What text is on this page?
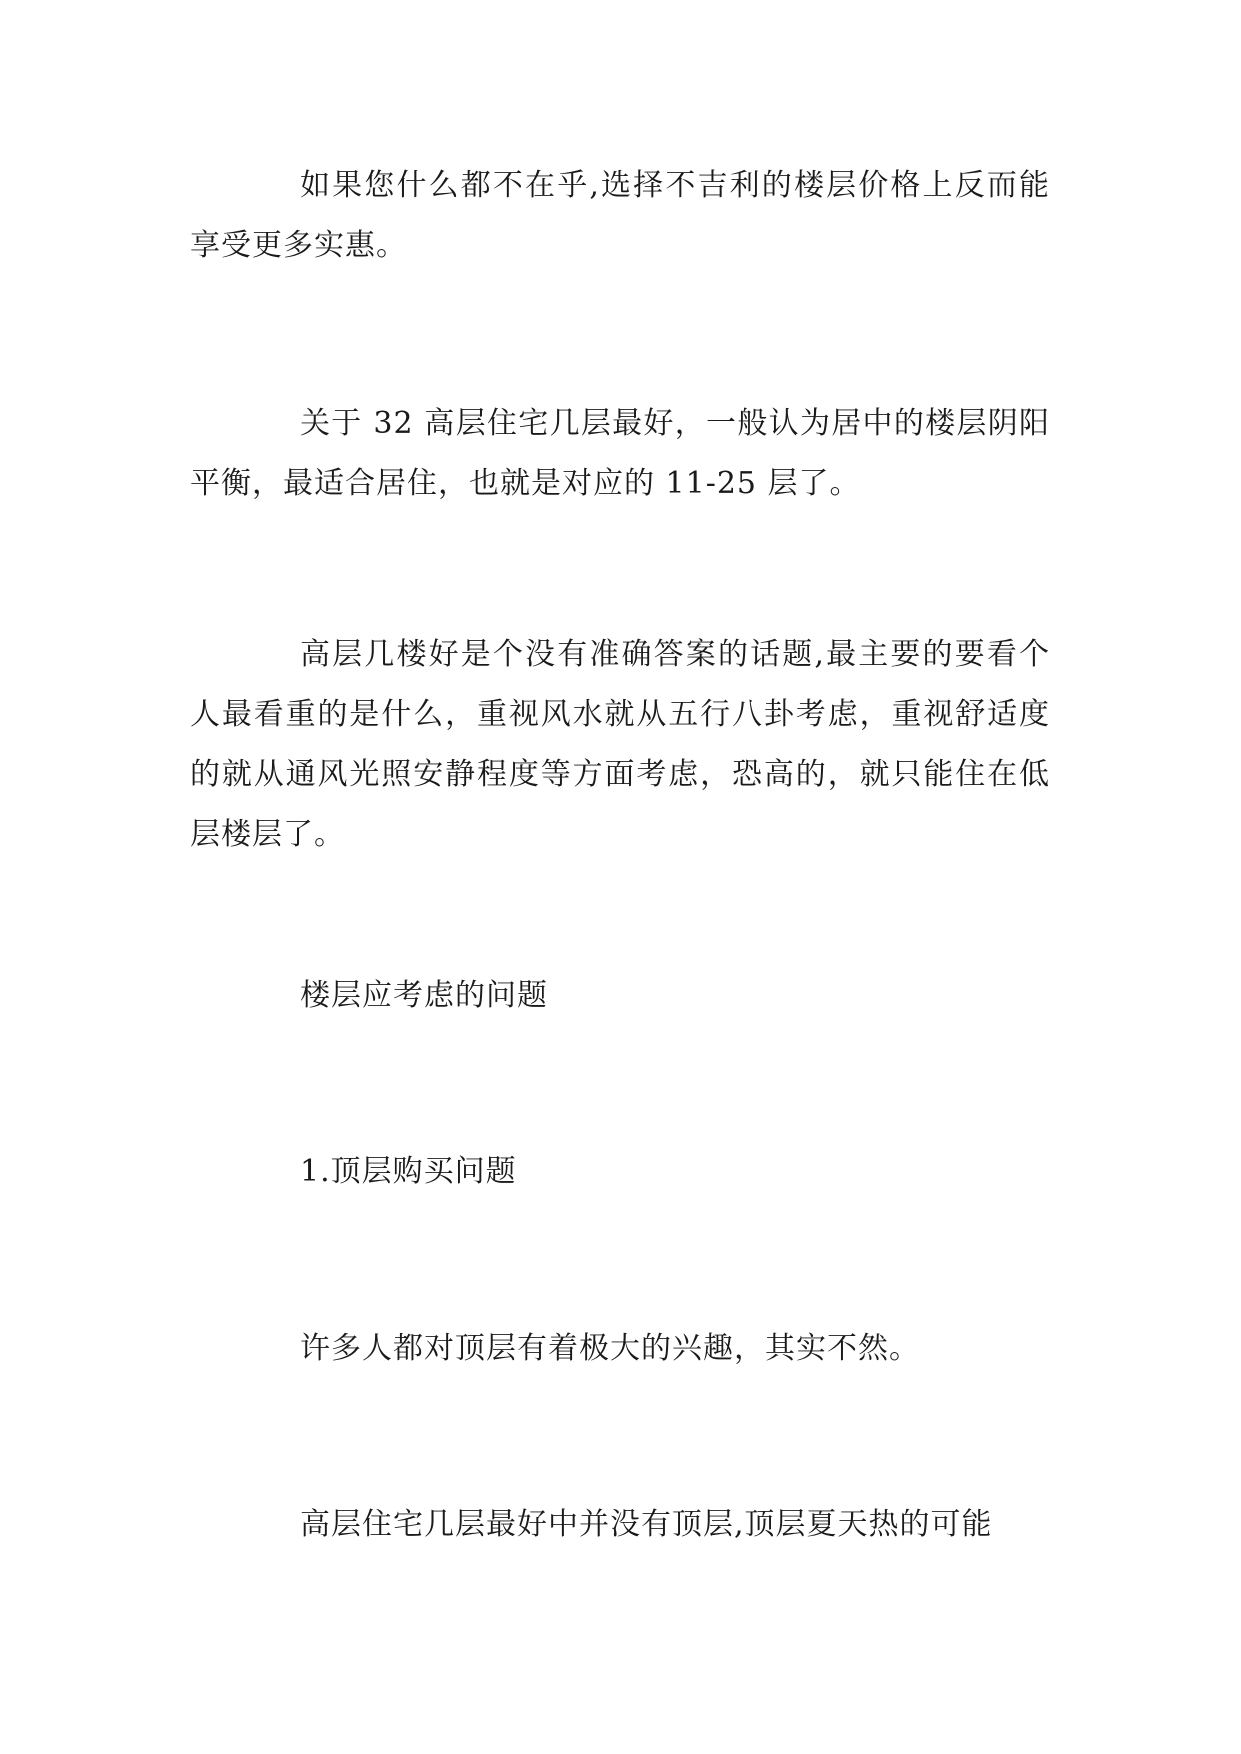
如果您什么都不在乎,选择不吉利的楼层价格上反而能享受更多实惠。

关于 32 高层住宅几层最好，一般认为居中的楼层阴阳平衡，最适合居住，也就是对应的 11-25 层了。

高层几楼好是个没有准确答案的话题,最主要的要看个人最看重的是什么，重视风水就从五行八卦考虑，重视舒适度的就从通风光照安静程度等方面考虑，恐高的，就只能住在低层楼层了。

楼层应考虑的问题

1.顶层购买问题

许多人都对顶层有着极大的兴趣，其实不然。

高层住宅几层最好中并没有顶层,顶层夏天热的可能
